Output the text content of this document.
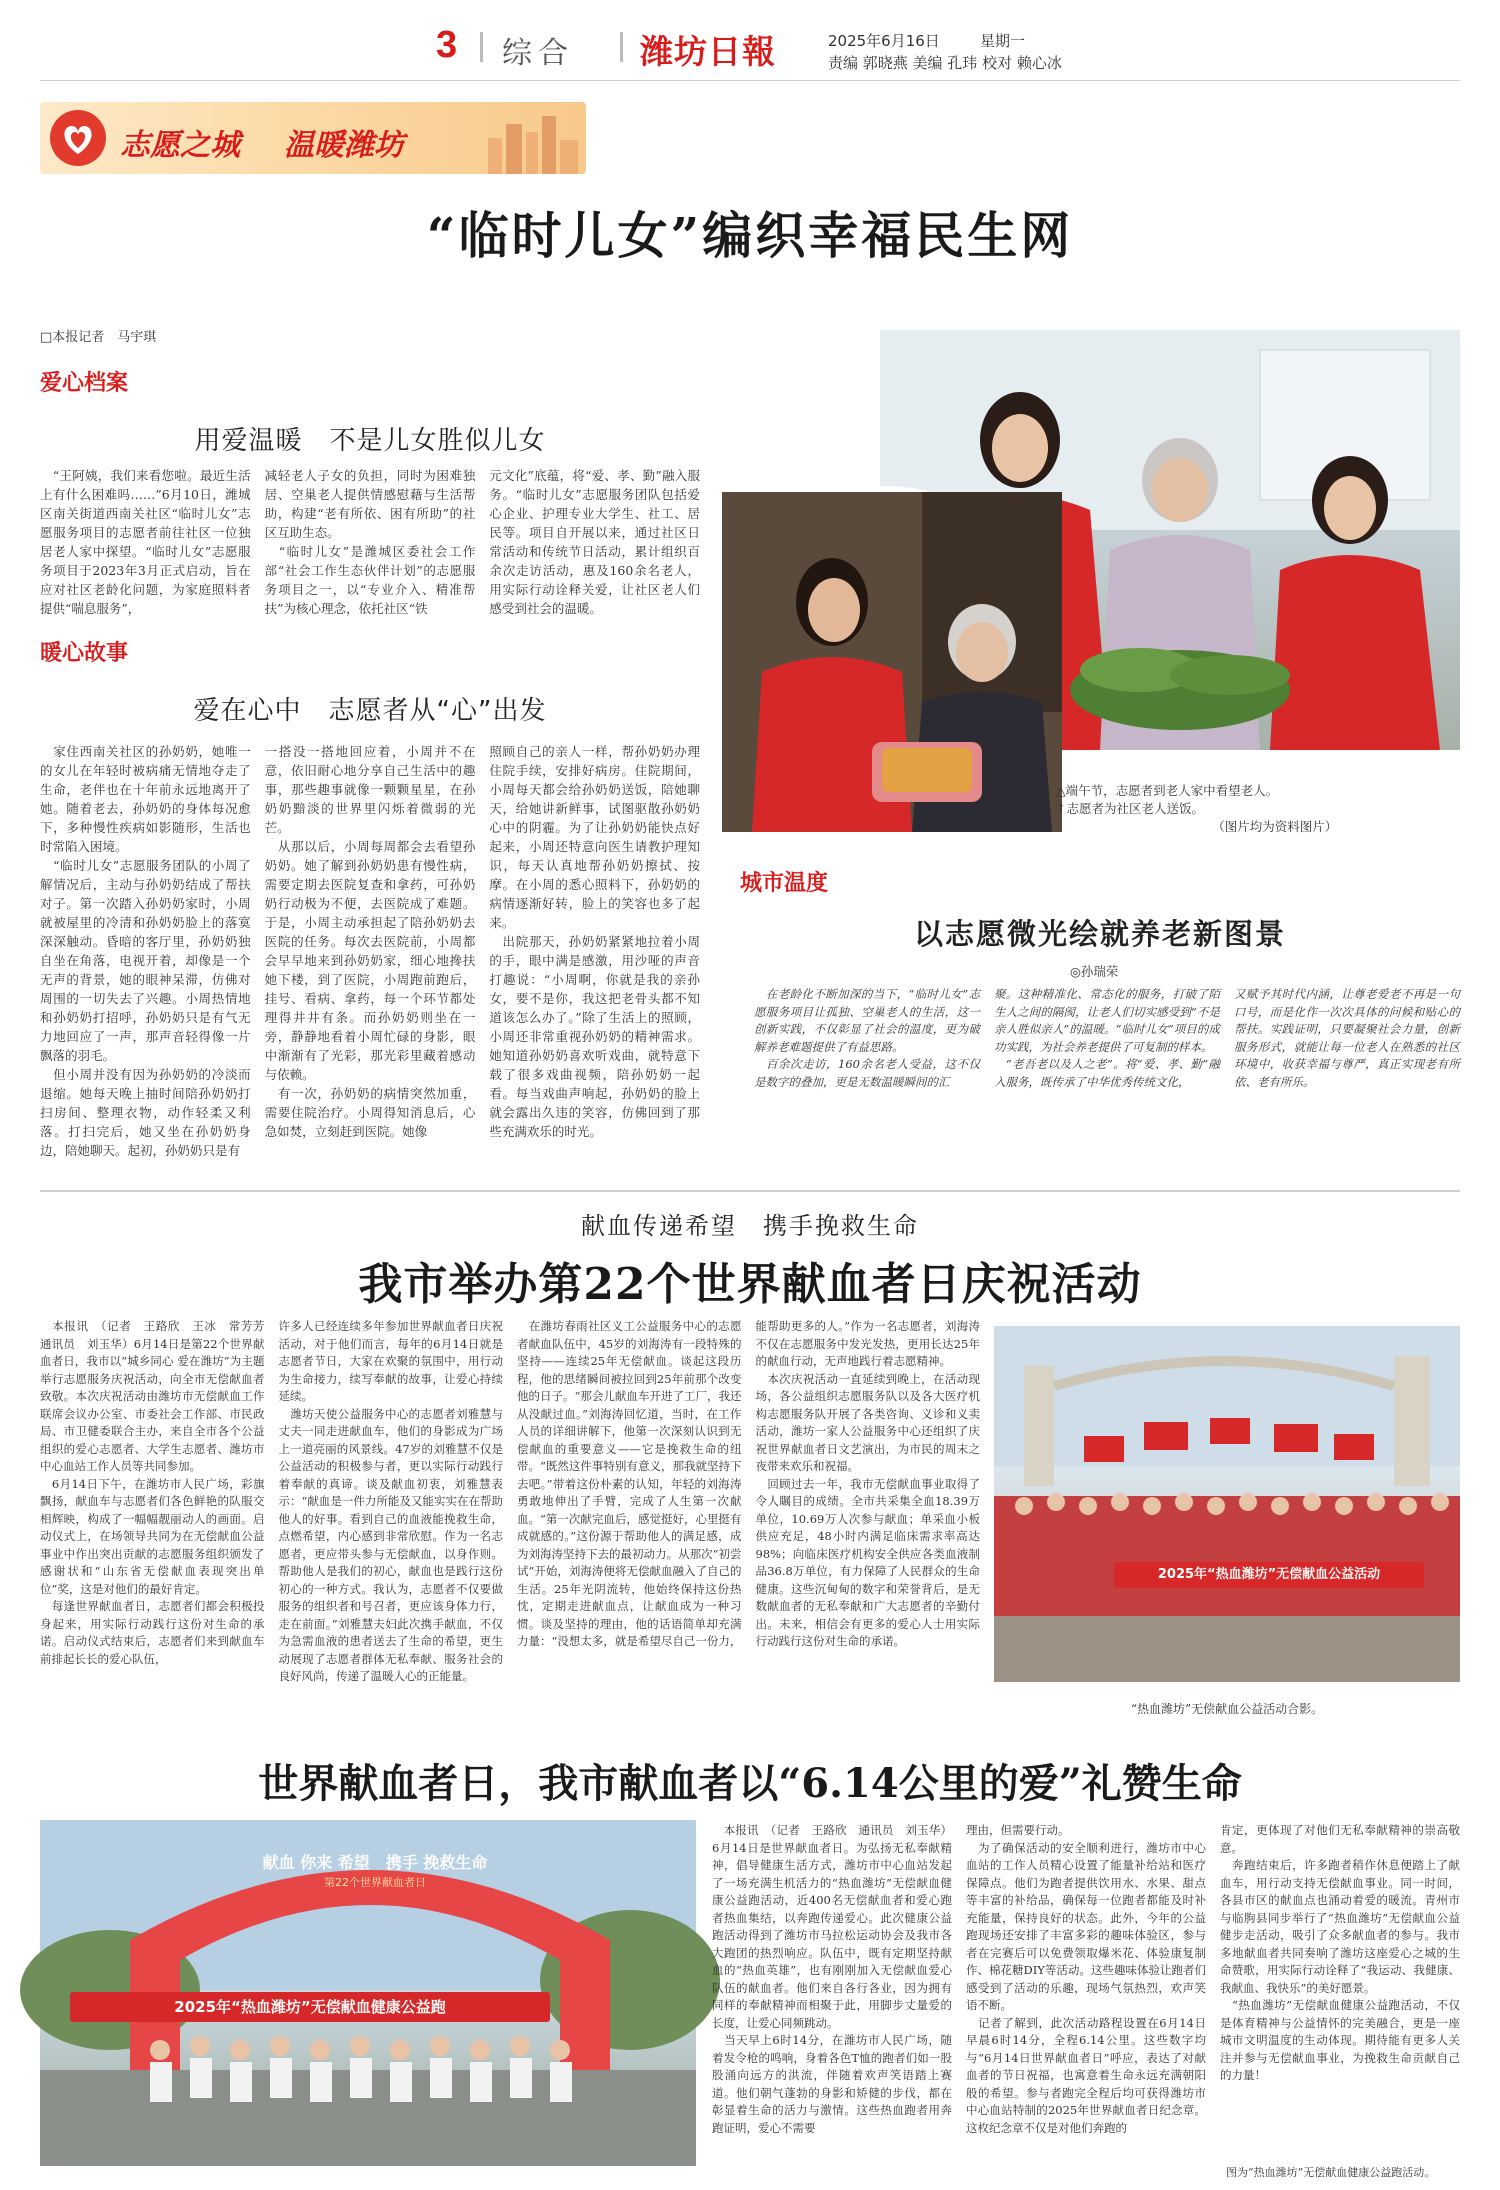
3 综合 潍坊日報	2025年6月16日	星期一
责编 郭晓燕 美编 孔玮 校对 赖心冰
志愿之城 温暖潍坊
“临时儿女”编织幸福民生网
□本报记者　马宇琪
爱心档案
用爱温暖　不是儿女胜似儿女
　“王阿姨，我们来看您啦。最近生活上有什么困难吗……”6月10日，潍城区南关街道西南关社区“临时儿女”志愿服务项目的志愿者前往社区一位独居老人家中探望。“临时儿女”志愿服务项目于2023年3月正式启动，旨在应对社区老龄化问题，为家庭照料者提供“喘息服务”，
减轻老人子女的负担，同时为困难独居、空巢老人提供情感慰藉与生活帮助，构建“老有所依、困有所助”的社区互助生态。
　“临时儿女”是潍城区委社会工作部“社会工作生态伙伴计划”的志愿服务项目之一，以“专业介入、精准帮扶”为核心理念，依托社区“铁
元文化”底蕴，将“爱、孝、勤”融入服务。“临时儿女”志愿服务团队包括爱心企业、护理专业大学生、社工、居民等。项目自开展以来，通过社区日常活动和传统节日活动，累计组织百余次走访活动，惠及160余名老人，用实际行动诠释关爱，让社区老人们感受到社会的温暖。
暖心故事
爱在心中　志愿者从“心”出发
　家住西南关社区的孙奶奶，她唯一的女儿在年轻时被病痛无情地夺走了生命，老伴也在十年前永远地离开了她。随着老去，孙奶奶的身体每况愈下，多种慢性疾病如影随形，生活也时常陷入困境。
　“临时儿女”志愿服务团队的小周了解情况后，主动与孙奶奶结成了帮扶对子。第一次踏入孙奶奶家时，小周就被屋里的冷清和孙奶奶脸上的落寞深深触动。昏暗的客厅里，孙奶奶独自坐在角落，电视开着，却像是一个无声的背景，她的眼神呆滞，仿佛对周围的一切失去了兴趣。小周热情地和孙奶奶打招呼，孙奶奶只是有气无力地回应了一声，那声音轻得像一片飘落的羽毛。
　但小周并没有因为孙奶奶的冷淡而退缩。她每天晚上抽时间陪孙奶奶打扫房间、整理衣物，动作轻柔又利落。打扫完后，她又坐在孙奶奶身边，陪她聊天。起初，孙奶奶只是有
一搭没一搭地回应着，小周并不在意，依旧耐心地分享自己生活中的趣事，那些趣事就像一颗颗星星，在孙奶奶黯淡的世界里闪烁着微弱的光芒。
　从那以后，小周每周都会去看望孙奶奶。她了解到孙奶奶患有慢性病，需要定期去医院复查和拿药，可孙奶奶行动极为不便，去医院成了难题。于是，小周主动承担起了陪孙奶奶去医院的任务。每次去医院前，小周都会早早地来到孙奶奶家，细心地搀扶她下楼，到了医院，小周跑前跑后，挂号、看病、拿药，每一个环节都处理得井井有条。而孙奶奶则坐在一旁，静静地看着小周忙碌的身影，眼中渐渐有了光彩，那光彩里藏着感动与依赖。
　有一次，孙奶奶的病情突然加重，需要住院治疗。小周得知消息后，心急如焚，立刻赶到医院。她像
照顾自己的亲人一样，帮孙奶奶办理住院手续，安排好病房。住院期间，小周每天都会给孙奶奶送饭，陪她聊天，给她讲新鲜事，试图驱散孙奶奶心中的阴霾。为了让孙奶奶能快点好起来，小周还特意向医生请教护理知识，每天认真地帮孙奶奶擦拭、按摩。在小周的悉心照料下，孙奶奶的病情逐渐好转，脸上的笑容也多了起来。
　出院那天，孙奶奶紧紧地拉着小周的手，眼中满是感激，用沙哑的声音打趣说：“小周啊，你就是我的亲孙女，要不是你，我这把老骨头都不知道该怎么办了。”除了生活上的照顾，小周还非常重视孙奶奶的精神需求。她知道孙奶奶喜欢听戏曲，就特意下载了很多戏曲视频，陪孙奶奶一起看。每当戏曲声响起，孙奶奶的脸上就会露出久违的笑容，仿佛回到了那些充满欢乐的时光。
△端午节，志愿者到老人家中看望老人。
↑志愿者为社区老人送饭。
　　　　　　　　　　　　　（图片均为资料图片）
城市温度
以志愿微光绘就养老新图景
◎孙瑞荣
　在老龄化不断加深的当下，“临时儿女”志愿服务项目让孤独、空巢老人的生活，这一创新实践，不仅彰显了社会的温度，更为破解养老难题提供了有益思路。
　百余次走访，160余名老人受益，这不仅是数字的叠加，更是无数温暖瞬间的汇
聚。这种精准化、常态化的服务，打破了陌生人之间的隔阂，让老人们切实感受到“不是亲人胜似亲人”的温暖。“临时儿女”项目的成功实践，为社会养老提供了可复制的样本。
　“老吾老以及人之老”。将“爱、孝、勤”融入服务，既传承了中华优秀传统文化，
又赋予其时代内涵，让尊老爱老不再是一句口号，而是化作一次次具体的问候和贴心的帮扶。实践证明，只要凝聚社会力量，创新服务形式，就能让每一位老人在熟悉的社区环境中，收获幸福与尊严，真正实现老有所依、老有所乐。
献血传递希望　携手挽救生命
我市举办第22个世界献血者日庆祝活动
　本报讯　（记者　王路欣　王冰　常芳芳　通讯员　刘玉华）6月14日是第22个世界献血者日，我市以“城乡同心 爱在潍坊”为主题举行志愿服务庆祝活动，向全市无偿献血者致敬。本次庆祝活动由潍坊市无偿献血工作联席会议办公室、市委社会工作部、市民政局、市卫健委联合主办，来自全市各个公益组织的爱心志愿者、大学生志愿者、潍坊市中心血站工作人员等共同参加。
　6月14日下午，在潍坊市人民广场，彩旗飘扬，献血车与志愿者们各色鲜艳的队服交相辉映，构成了一幅幅靓丽动人的画面。启动仪式上，在场领导共同为在无偿献血公益事业中作出突出贡献的志愿服务组织颁发了感谢状和“山东省无偿献血表现突出单位”奖，这是对他们的最好肯定。
　每逢世界献血者日，志愿者们都会积极投身起来，用实际行动践行这份对生命的承诺。启动仪式结束后，志愿者们来到献血车前排起长长的爱心队伍，
许多人已经连续多年参加世界献血者日庆祝活动，对于他们而言，每年的6月14日就是志愿者节日，大家在欢聚的氛围中，用行动为生命接力，续写奉献的故事，让爱心持续延续。
　潍坊天使公益服务中心的志愿者刘雅慧与丈夫一同走进献血车，他们的身影成为广场上一道亮丽的风景线。47岁的刘雅慧不仅是公益活动的积极参与者，更以实际行动践行着奉献的真谛。谈及献血初衷，刘雅慧表示：“献血是一件力所能及又能实实在在帮助他人的好事。看到自己的血液能挽救生命，点燃希望，内心感到非常欣慰。作为一名志愿者，更应带头参与无偿献血，以身作则。帮助他人是我们的初心，献血也是践行这份初心的一种方式。我认为，志愿者不仅要做服务的组织者和号召者，更应该身体力行，走在前面。”刘雅慧夫妇此次携手献血，不仅为急需血液的患者送去了生命的希望，更生动展现了志愿者群体无私奉献、服务社会的良好风尚，传递了温暖人心的正能量。
　在潍坊春雨社区义工公益服务中心的志愿者献血队伍中，45岁的刘海涛有一段特殊的坚持——连续25年无偿献血。谈起这段历程，他的思绪瞬间被拉回到25年前那个改变他的日子。“那会儿献血车开进了工厂，我还从没献过血。”刘海涛回忆道，当时，在工作人员的详细讲解下，他第一次深刻认识到无偿献血的重要意义——它是挽救生命的纽带。“既然这件事特别有意义，那我就坚持下去吧。”带着这份朴素的认知，年轻的刘海涛勇敢地伸出了手臂，完成了人生第一次献血。“第一次献完血后，感觉挺好，心里挺有成就感的。”这份源于帮助他人的满足感，成为刘海涛坚持下去的最初动力。从那次“初尝试”开始，刘海涛便将无偿献血融入了自己的生活。25年光阴流转，他始终保持这份热忱，定期走进献血点，让献血成为一种习惯。谈及坚持的理由，他的话语简单却充满力量：“没想太多，就是希望尽自己一份力，
能帮助更多的人。”作为一名志愿者，刘海涛不仅在志愿服务中发光发热，更用长达25年的献血行动，无声地践行着志愿精神。
　本次庆祝活动一直延续到晚上，在活动现场，各公益组织志愿服务队以及各大医疗机构志愿服务队开展了各类咨询、义诊和义卖活动，潍坊一家人公益服务中心还组织了庆祝世界献血者日文艺演出，为市民的周末之夜带来欢乐和祝福。
　回顾过去一年，我市无偿献血事业取得了令人瞩目的成绩。全市共采集全血18.39万单位，10.69万人次参与献血；单采血小板供应充足，48小时内满足临床需求率高达98%；向临床医疗机构安全供应各类血液制品36.8万单位，有力保障了人民群众的生命健康。这些沉甸甸的数字和荣誉背后，是无数献血者的无私奉献和广大志愿者的辛勤付出。未来，相信会有更多的爱心人士用实际行动践行这份对生命的承诺。
2025年“热血潍坊”无偿献血公益活动
“热血潍坊”无偿献血公益活动合影。
世界献血者日，我市献血者以“6.14公里的爱”礼赞生命
献血 你来 希望　携手 挽救生命
第22个世界献血者日
2025年“热血潍坊”无偿献血健康公益跑
　本报讯　（记者　王路欣　通讯员　刘玉华）6月14日是世界献血者日。为弘扬无私奉献精神，倡导健康生活方式，潍坊市中心血站发起了一场充满生机活力的“热血潍坊”无偿献血健康公益跑活动，近400名无偿献血者和爱心跑者热血集结，以奔跑传递爱心。此次健康公益跑活动得到了潍坊市马拉松运动协会及我市各大跑团的热烈响应。队伍中，既有定期坚持献血的“热血英雄”，也有刚刚加入无偿献血爱心队伍的献血者。他们来自各行各业，因为拥有同样的奉献精神而相聚于此，用脚步丈量爱的长度，让爱心同频跳动。
　当天早上6时14分，在潍坊市人民广场，随着发令枪的鸣响，身着各色T恤的跑者们如一股股涌向远方的洪流，伴随着欢声笑语踏上赛道。他们朝气蓬勃的身影和矫健的步伐，都在彰显着生命的活力与激情。这些热血跑者用奔跑证明，爱心不需要
理由，但需要行动。
　为了确保活动的安全顺利进行，潍坊市中心血站的工作人员精心设置了能量补给站和医疗保障点。他们为跑者提供饮用水、水果、甜点等丰富的补给品，确保每一位跑者都能及时补充能量，保持良好的状态。此外，今年的公益跑现场还安排了丰富多彩的趣味体验区，参与者在完赛后可以免费领取爆米花、体验康复制作、棉花糖DIY等活动。这些趣味体验让跑者们感受到了活动的乐趣，现场气氛热烈，欢声笑语不断。
　记者了解到，此次活动路程设置在6月14日早晨6时14分，全程6.14公里。这些数字均与“6月14日世界献血者日”呼应，表达了对献血者的节日祝福，也寓意着生命永远充满朝阳般的希望。参与者跑完全程后均可获得潍坊市中心血站特制的2025年世界献血者日纪念章。这枚纪念章不仅是对他们奔跑的
肯定，更体现了对他们无私奉献精神的崇高敬意。
　奔跑结束后，许多跑者稍作休息便踏上了献血车，用行动支持无偿献血事业。同一时间，各县市区的献血点也涌动着爱的暖流。青州市与临朐县同步举行了“热血潍坊”无偿献血公益健步走活动，吸引了众多献血者的参与。我市多地献血者共同奏响了潍坊这座爱心之城的生命赞歌，用实际行动诠释了“我运动、我健康、我献血、我快乐”的美好愿景。
　“热血潍坊”无偿献血健康公益跑活动，不仅是体育精神与公益情怀的完美融合，更是一座城市文明温度的生动体现。期待能有更多人关注并参与无偿献血事业，为挽救生命贡献自己的力量！
图为“热血潍坊”无偿献血健康公益跑活动。
